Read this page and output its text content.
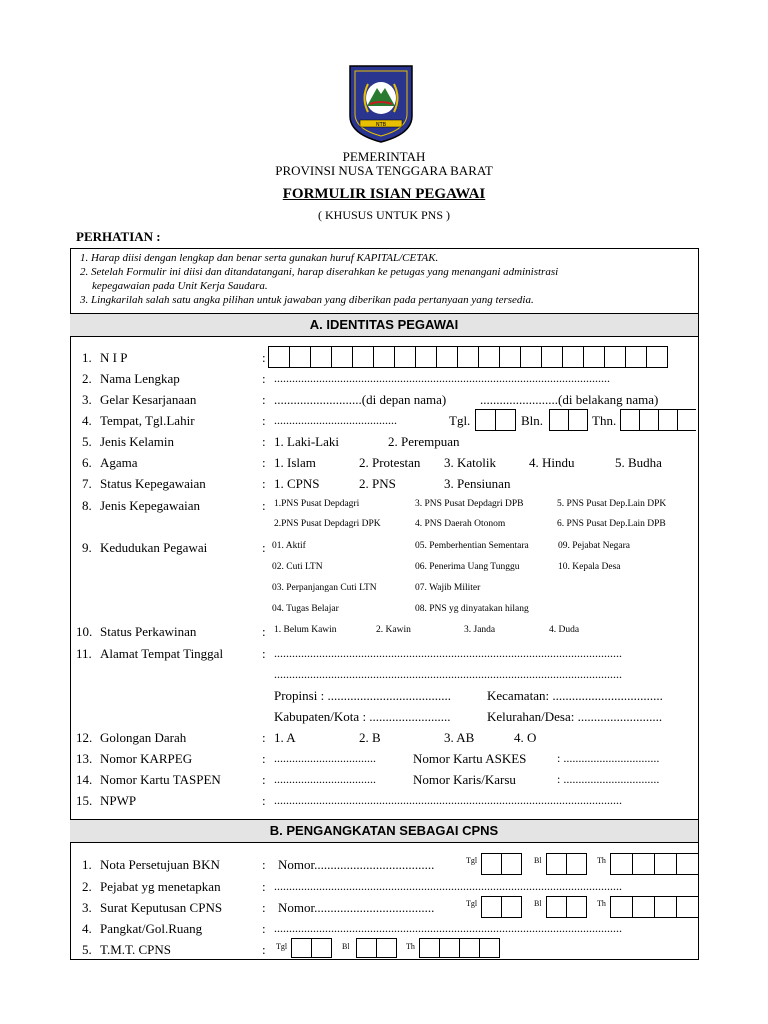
NTB
PEMERINTAH
PROVINSI NUSA TENGGARA BARAT
FORMULIR ISIAN PEGAWAI
( KHUSUS UNTUK PNS )
PERHATIAN :
1. Harap diisi dengan lengkap dan benar serta gunakan huruf KAPITAL/CETAK.
2. Setelah Formulir ini diisi dan ditandatangani, harap diserahkan ke petugas yang menangani administrasi
kepegawaian pada Unit Kerja Saudara.
3. Lingkarilah salah satu angka pilihan untuk jawaban yang diberikan pada pertanyaan yang tersedia.
A. IDENTITAS PEGAWAI
1. N I P	:
2. Nama Lengkap	: ................................................................................................................
3. Gelar Kesarjanaan	: ...........................(di depan nama)	........................(di belakang nama)
4. Tempat, Tgl.Lahir	: .........................................	Tgl.	Bln.	Thn.
5. Jenis Kelamin	: 1. Laki-Laki	2. Perempuan
6. Agama	: 1. Islam	2. Protestan 3. Katolik	4. Hindu	5. Budha
7. Status Kepegawaian	: 1. CPNS	2. PNS	3. Pensiunan
8. Jenis Kepegawaian	: 1.PNS Pusat Depdagri	3. PNS Pusat Depdagri DPB	5. PNS Pusat Dep.Lain DPK
2.PNS Pusat Depdagri DPK	4. PNS Daerah Otonom	6. PNS Pusat Dep.Lain DPB
9. Kedudukan Pegawai	: 01. Aktif	05. Pemberhentian Sementara	09. Pejabat Negara
02. Cuti LTN	06. Penerima Uang Tunggu	10. Kepala Desa
03. Perpanjangan Cuti LTN	07. Wajib Militer
04. Tugas Belajar	08. PNS yg dinyatakan hilang
10. Status Perkawinan	: 1. Belum Kawin	2. Kawin	3. Janda	4. Duda
11. Alamat Tempat Tinggal	: ....................................................................................................................
....................................................................................................................
Propinsi : ......................................	Kecamatan: ..................................
Kabupaten/Kota : .........................	Kelurahan/Desa: ..........................
12. Golongan Darah	: 1. A	2. B	3. AB	4. O
13. Nomor KARPEG	: ..................................	Nomor Kartu ASKES	: ................................
14. Nomor Kartu TASPEN	: ..................................	Nomor Karis/Karsu	: ................................
15. NPWP	: ....................................................................................................................
B. PENGANGKATAN SEBAGAI CPNS
1. Nota Persetujuan BKN	: Nomor.....................................	Tgl	Bl	Th
2. Pejabat yg menetapkan	: ....................................................................................................................
3. Surat Keputusan CPNS	: Nomor.....................................	Tgl	Bl	Th
4. Pangkat/Gol.Ruang	: ....................................................................................................................
5. T.M.T. CPNS	: Tgl	Bl	Th
